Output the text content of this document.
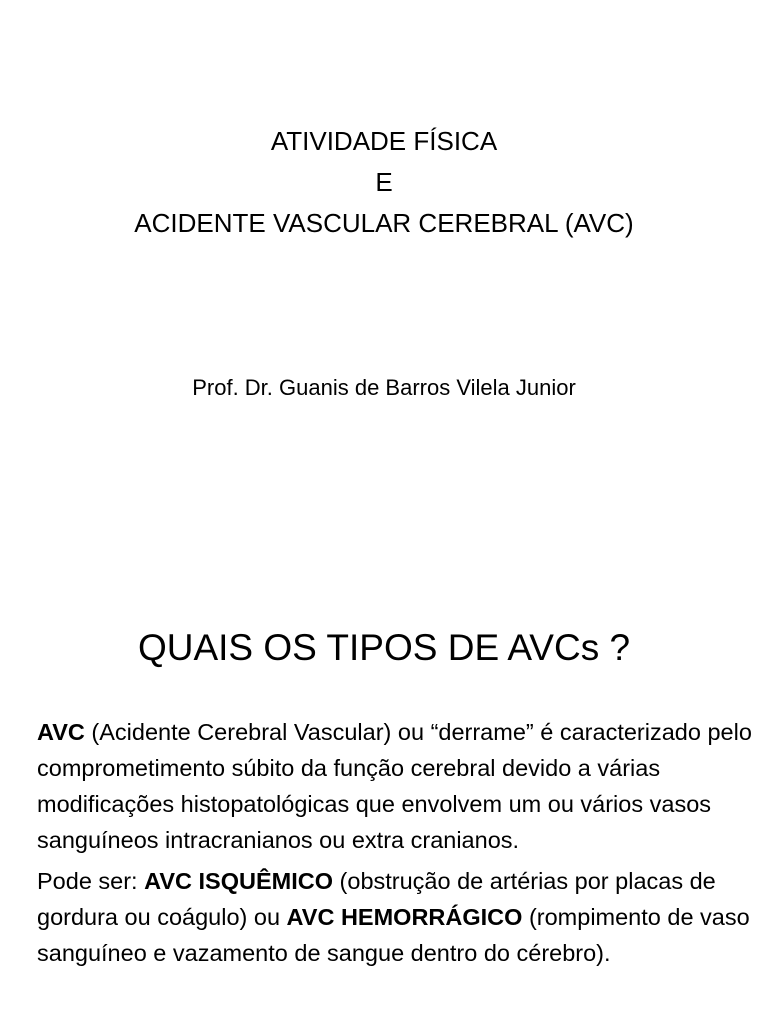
ATIVIDADE FÍSICA
E
ACIDENTE VASCULAR CEREBRAL (AVC)
Prof. Dr. Guanis de Barros Vilela Junior
QUAIS OS TIPOS DE AVCs ?

AVC (Acidente Cerebral Vascular) ou “derrame” é caracterizado pelo comprometimento súbito da função cerebral devido a várias modificações histopatológicas que envolvem um ou vários vasos sanguíneos intracranianos ou extra cranianos.

Pode ser: AVC ISQUÊMICO (obstrução de artérias por placas de gordura ou coágulo) ou AVC HEMORRÁGICO (rompimento de vaso sanguíneo e vazamento de sangue dentro do cérebro).
